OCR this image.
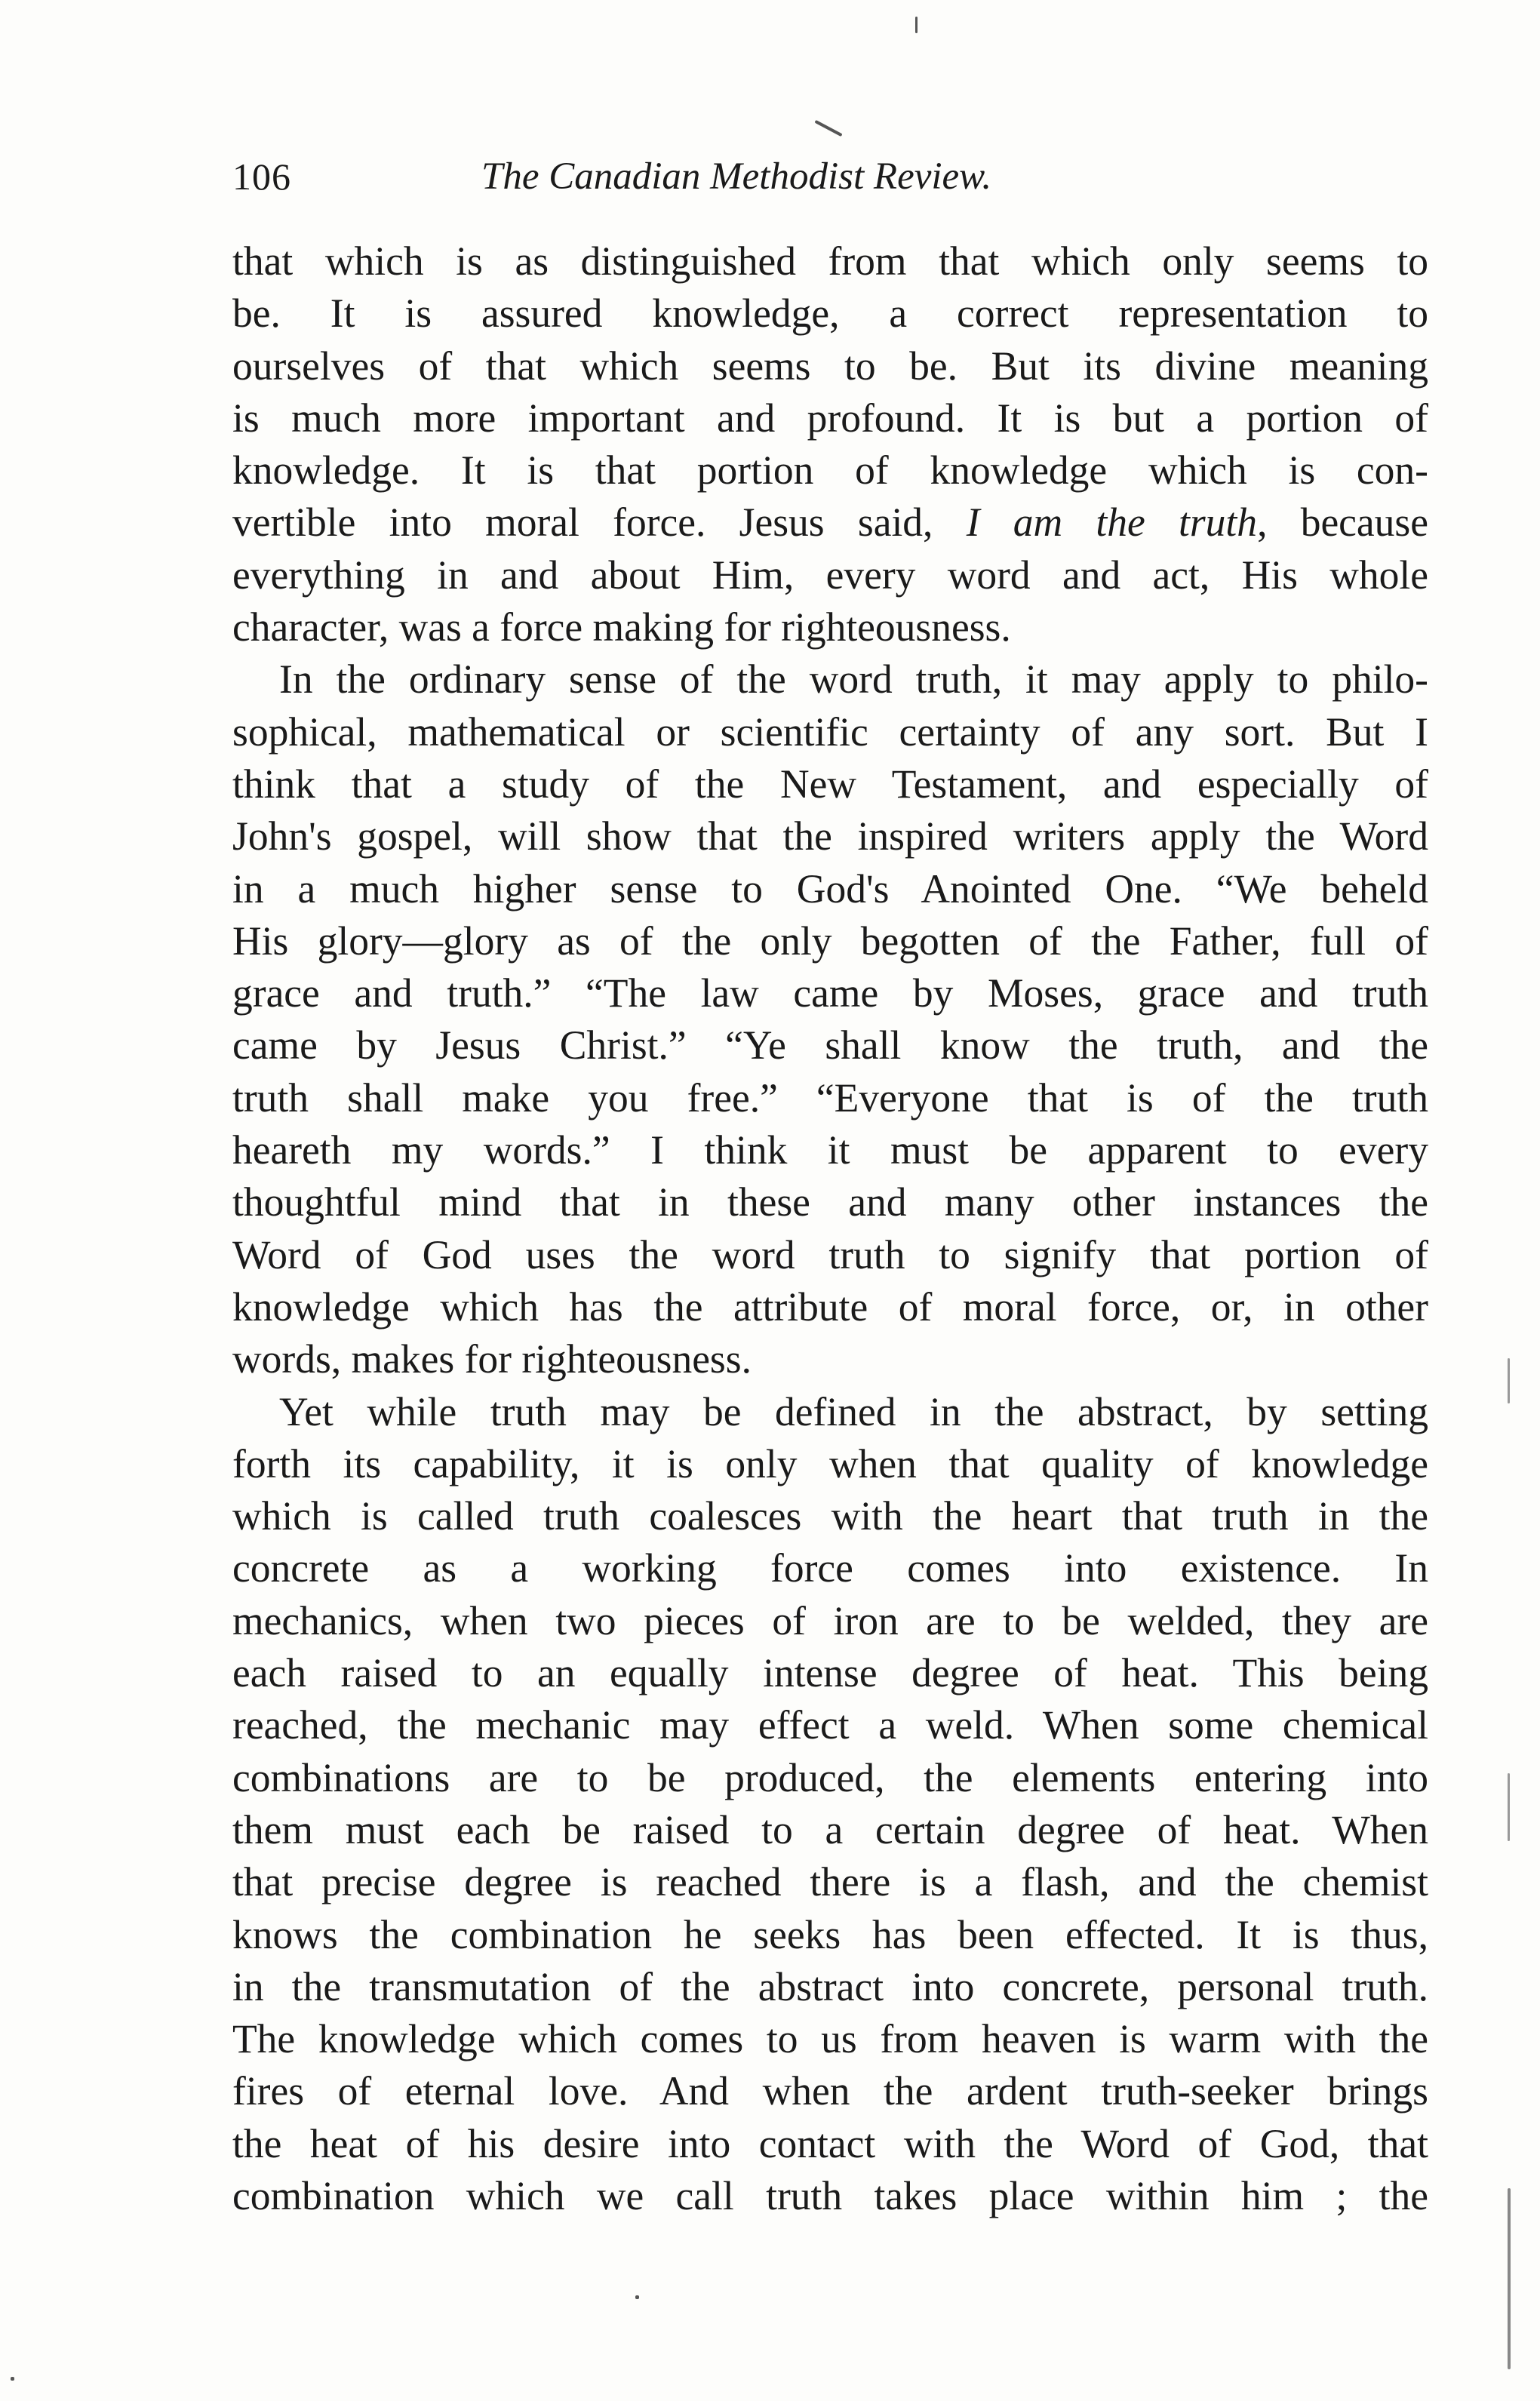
106	The Canadian Methodist Review.
that which is as distinguished from that which only seems to
be. It is assured knowledge, a correct representation to
ourselves of that which seems to be. But its divine meaning
is much more important and profound. It is but a portion of
knowledge. It is that portion of knowledge which is con-
vertible into moral force. Jesus said, I am the truth, because
everything in and about Him, every word and act, His whole
character, was a force making for righteousness.
In the ordinary sense of the word truth, it may apply to philo-
sophical, mathematical or scientific certainty of any sort. But I
think that a study of the New Testament, and especially of
John's gospel, will show that the inspired writers apply the Word
in a much higher sense to God's Anointed One. “We beheld
His glory—glory as of the only begotten of the Father, full of
grace and truth.” “The law came by Moses, grace and truth
came by Jesus Christ.” “Ye shall know the truth, and the
truth shall make you free.” “Everyone that is of the truth
heareth my words.” I think it must be apparent to every
thoughtful mind that in these and many other instances the
Word of God uses the word truth to signify that portion of
knowledge which has the attribute of moral force, or, in other
words, makes for righteousness.
Yet while truth may be defined in the abstract, by setting
forth its capability, it is only when that quality of knowledge
which is called truth coalesces with the heart that truth in the
concrete as a working force comes into existence. In
mechanics, when two pieces of iron are to be welded, they are
each raised to an equally intense degree of heat. This being
reached, the mechanic may effect a weld. When some chemical
combinations are to be produced, the elements entering into
them must each be raised to a certain degree of heat. When
that precise degree is reached there is a flash, and the chemist
knows the combination he seeks has been effected. It is thus,
in the transmutation of the abstract into concrete, personal truth.
The knowledge which comes to us from heaven is warm with the
fires of eternal love. And when the ardent truth-seeker brings
the heat of his desire into contact with the Word of God, that
combination which we call truth takes place within him ; the
